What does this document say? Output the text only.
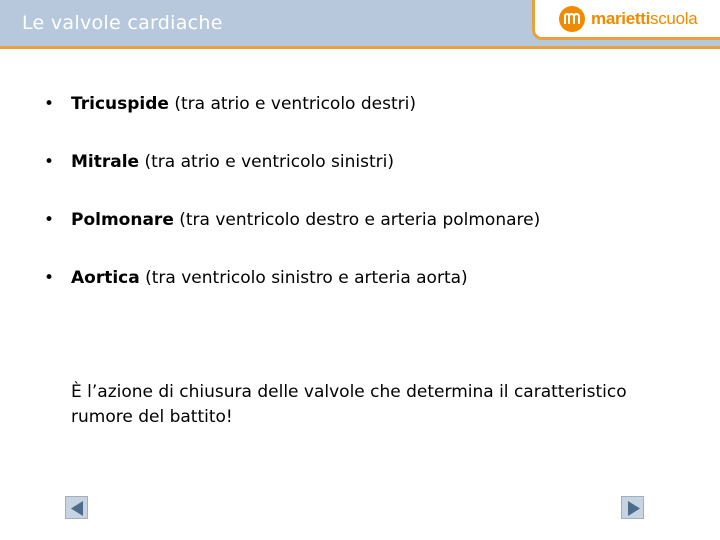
Le valvole cardiache	mariettiscuola
• Tricuspide (tra atrio e ventricolo destri)
• Mitrale (tra atrio e ventricolo sinistri)
• Polmonare (tra ventricolo destro e arteria polmonare)
• Aortica (tra ventricolo sinistro e arteria aorta)
È l’azione di chiusura delle valvole che determina il caratteristico rumore del battito!
